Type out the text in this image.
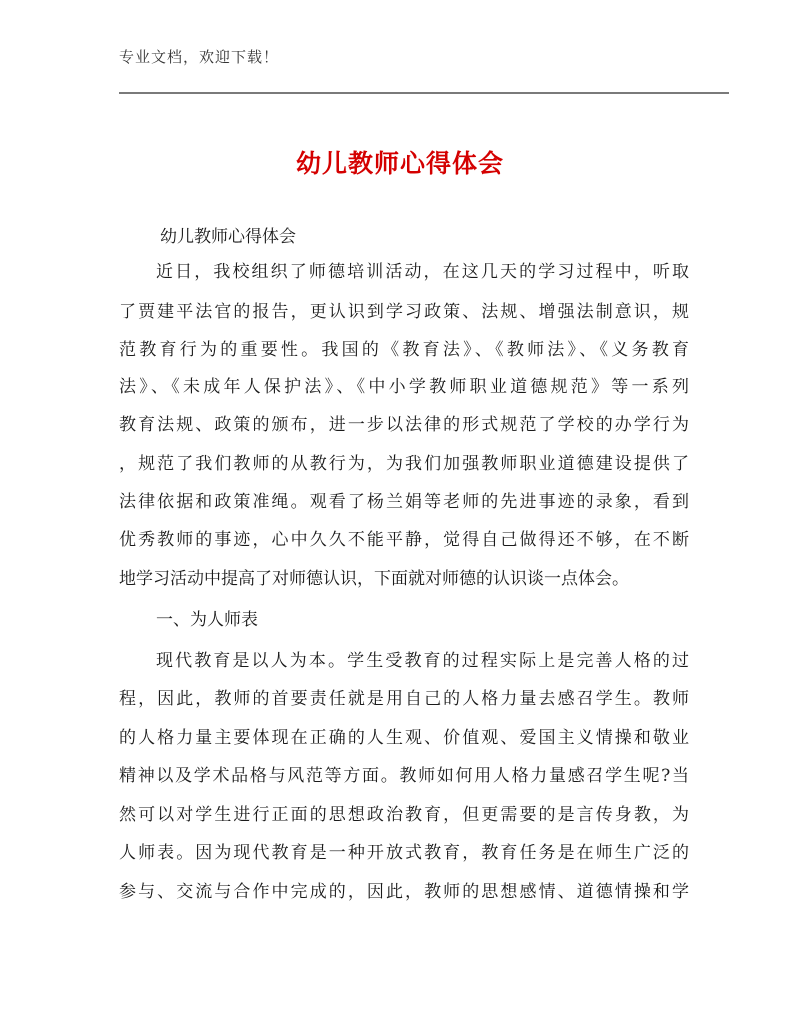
专业文档，欢迎下载！
幼儿教师心得体会
幼儿教师心得体会
近日，我校组织了师德培训活动，在这几天的学习过程中，听取
了贾建平法官的报告，更认识到学习政策、法规、增强法制意识，规
范教育行为的重要性。我国的《教育法》、《教师法》、《义务教育
法》、《未成年人保护法》、《中小学教师职业道德规范》等一系列
教育法规、政策的颁布，进一步以法律的形式规范了学校的办学行为
，规范了我们教师的从教行为，为我们加强教师职业道德建设提供了
法律依据和政策准绳。观看了杨兰娟等老师的先进事迹的录象，看到
优秀教师的事迹，心中久久不能平静，觉得自己做得还不够，在不断
地学习活动中提高了对师德认识，下面就对师德的认识谈一点体会。
一、为人师表
现代教育是以人为本。学生受教育的过程实际上是完善人格的过
程，因此，教师的首要责任就是用自己的人格力量去感召学生。教师
的人格力量主要体现在正确的人生观、价值观、爱国主义情操和敬业
精神以及学术品格与风范等方面。教师如何用人格力量感召学生呢?当
然可以对学生进行正面的思想政治教育，但更需要的是言传身教，为
人师表。因为现代教育是一种开放式教育，教育任务是在师生广泛的
参与、交流与合作中完成的，因此，教师的思想感情、道德情操和学
